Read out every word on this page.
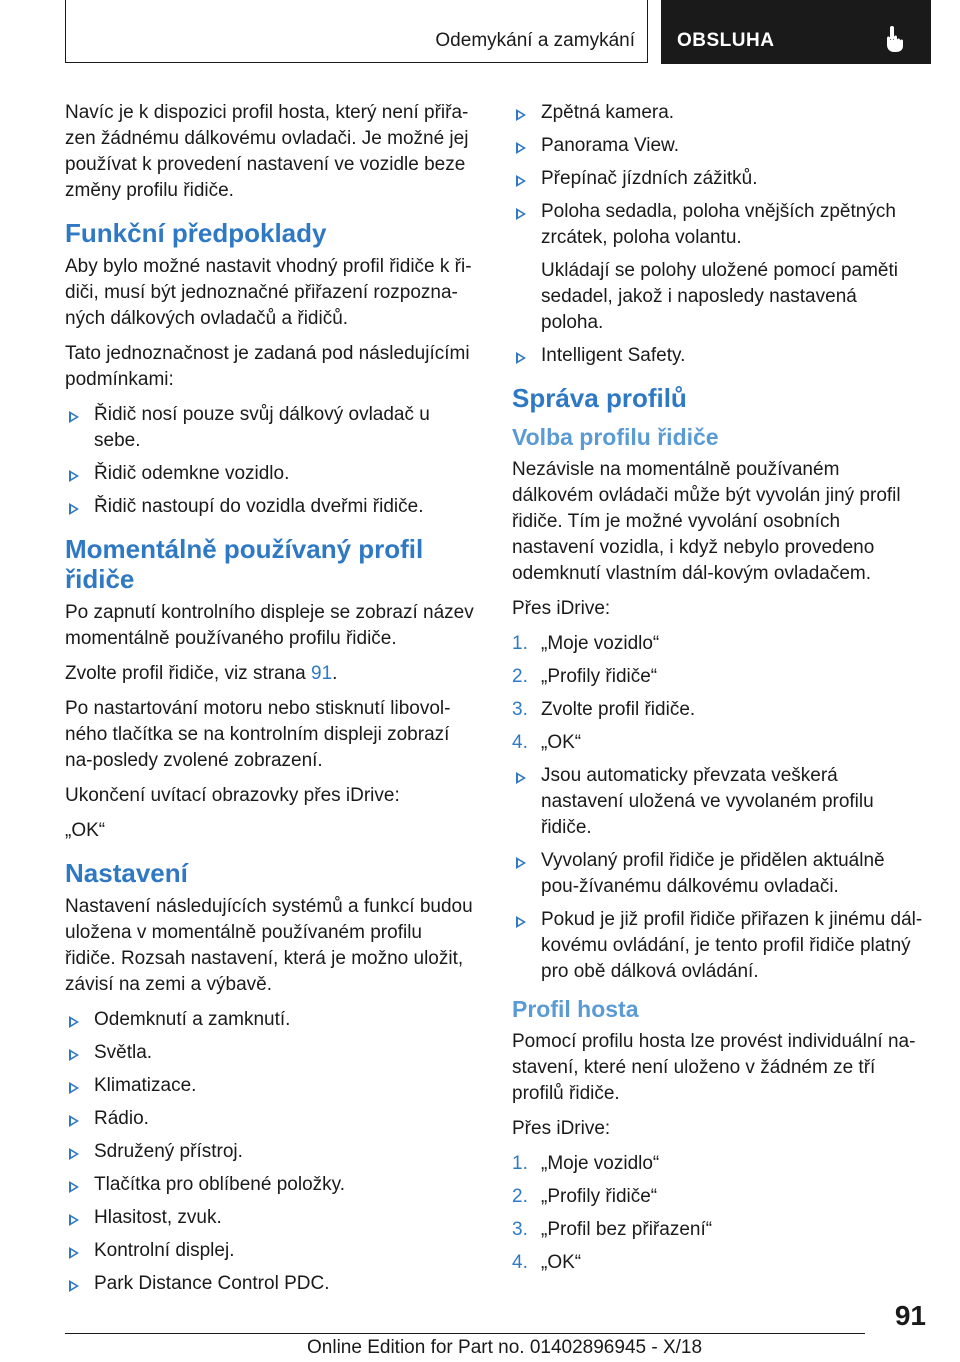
Odemykání a zamykání OBSLUHA

Navíc je k dispozici profil hosta, který není přiřa-zen žádnému dálkovému ovladači. Je možné jej používat k provedení nastavení ve vozidle beze změny profilu řidiče.

Funkční předpoklady

Aby bylo možné nastavit vhodný profil řidiče k ři-diči, musí být jednoznačné přiřazení rozpozna-ných dálkových ovladačů a řidičů.

Tato jednoznačnost je zadaná pod následujícími podmínkami:

Řidič nosí pouze svůj dálkový ovladač u sebe.
Řidič odemkne vozidlo.
Řidič nastoupí do vozidla dveřmi řidiče.
Momentálně používaný profil řidiče

Po zapnutí kontrolního displeje se zobrazí název momentálně používaného profilu řidiče.

Zvolte profil řidiče, viz strana 91.

Po nastartování motoru nebo stisknutí libovol-ného tlačítka se na kontrolním displeji zobrazí na-posledy zvolené zobrazení.

Ukončení uvítací obrazovky přes iDrive:

„OK“

Nastavení

Nastavení následujících systémů a funkcí budou uložena v momentálně používaném profilu řidiče. Rozsah nastavení, která je možno uložit, závisí na zemi a výbavě.

Odemknutí a zamknutí.
Světla.
Klimatizace.
Rádio.
Sdružený přístroj.
Tlačítka pro oblíbené položky.
Hlasitost, zvuk.
Kontrolní displej.
Park Distance Control PDC.
Zpětná kamera.
Panorama View.
Přepínač jízdních zážitků.
Poloha sedadla, poloha vnějších zpětných zrcátek, poloha volantu.
Ukládají se polohy uložené pomocí paměti sedadel, jakož i naposledy nastavená poloha.
Intelligent Safety.
Správa profilů
Volba profilu řidiče

Nezávisle na momentálně používaném dálkovém ovládači může být vyvolán jiný profil řidiče. Tím je možné vyvolání osobních nastavení vozidla, i když nebylo provedeno odemknutí vlastním dál-kovým ovladačem.

Přes iDrive:

1. „Moje vozidlo“
2. „Profily řidiče“
3. Zvolte profil řidiče.
4. „OK“
Jsou automaticky převzata veškerá nastavení uložená ve vyvolaném profilu řidiče.
Vyvolaný profil řidiče je přidělen aktuálně pou-žívanému dálkovému ovladači.
Pokud je již profil řidiče přiřazen k jinému dál-kovému ovládání, je tento profil řidiče platný pro obě dálková ovládání.
Profil hosta

Pomocí profilu hosta lze provést individuální na-stavení, které není uloženo v žádném ze tří profilů řidiče.

Přes iDrive:

1. „Moje vozidlo“
2. „Profily řidiče“
3. „Profil bez přiřazení“
4. „OK“
91
Online Edition for Part no. 01402896945 - X/18
